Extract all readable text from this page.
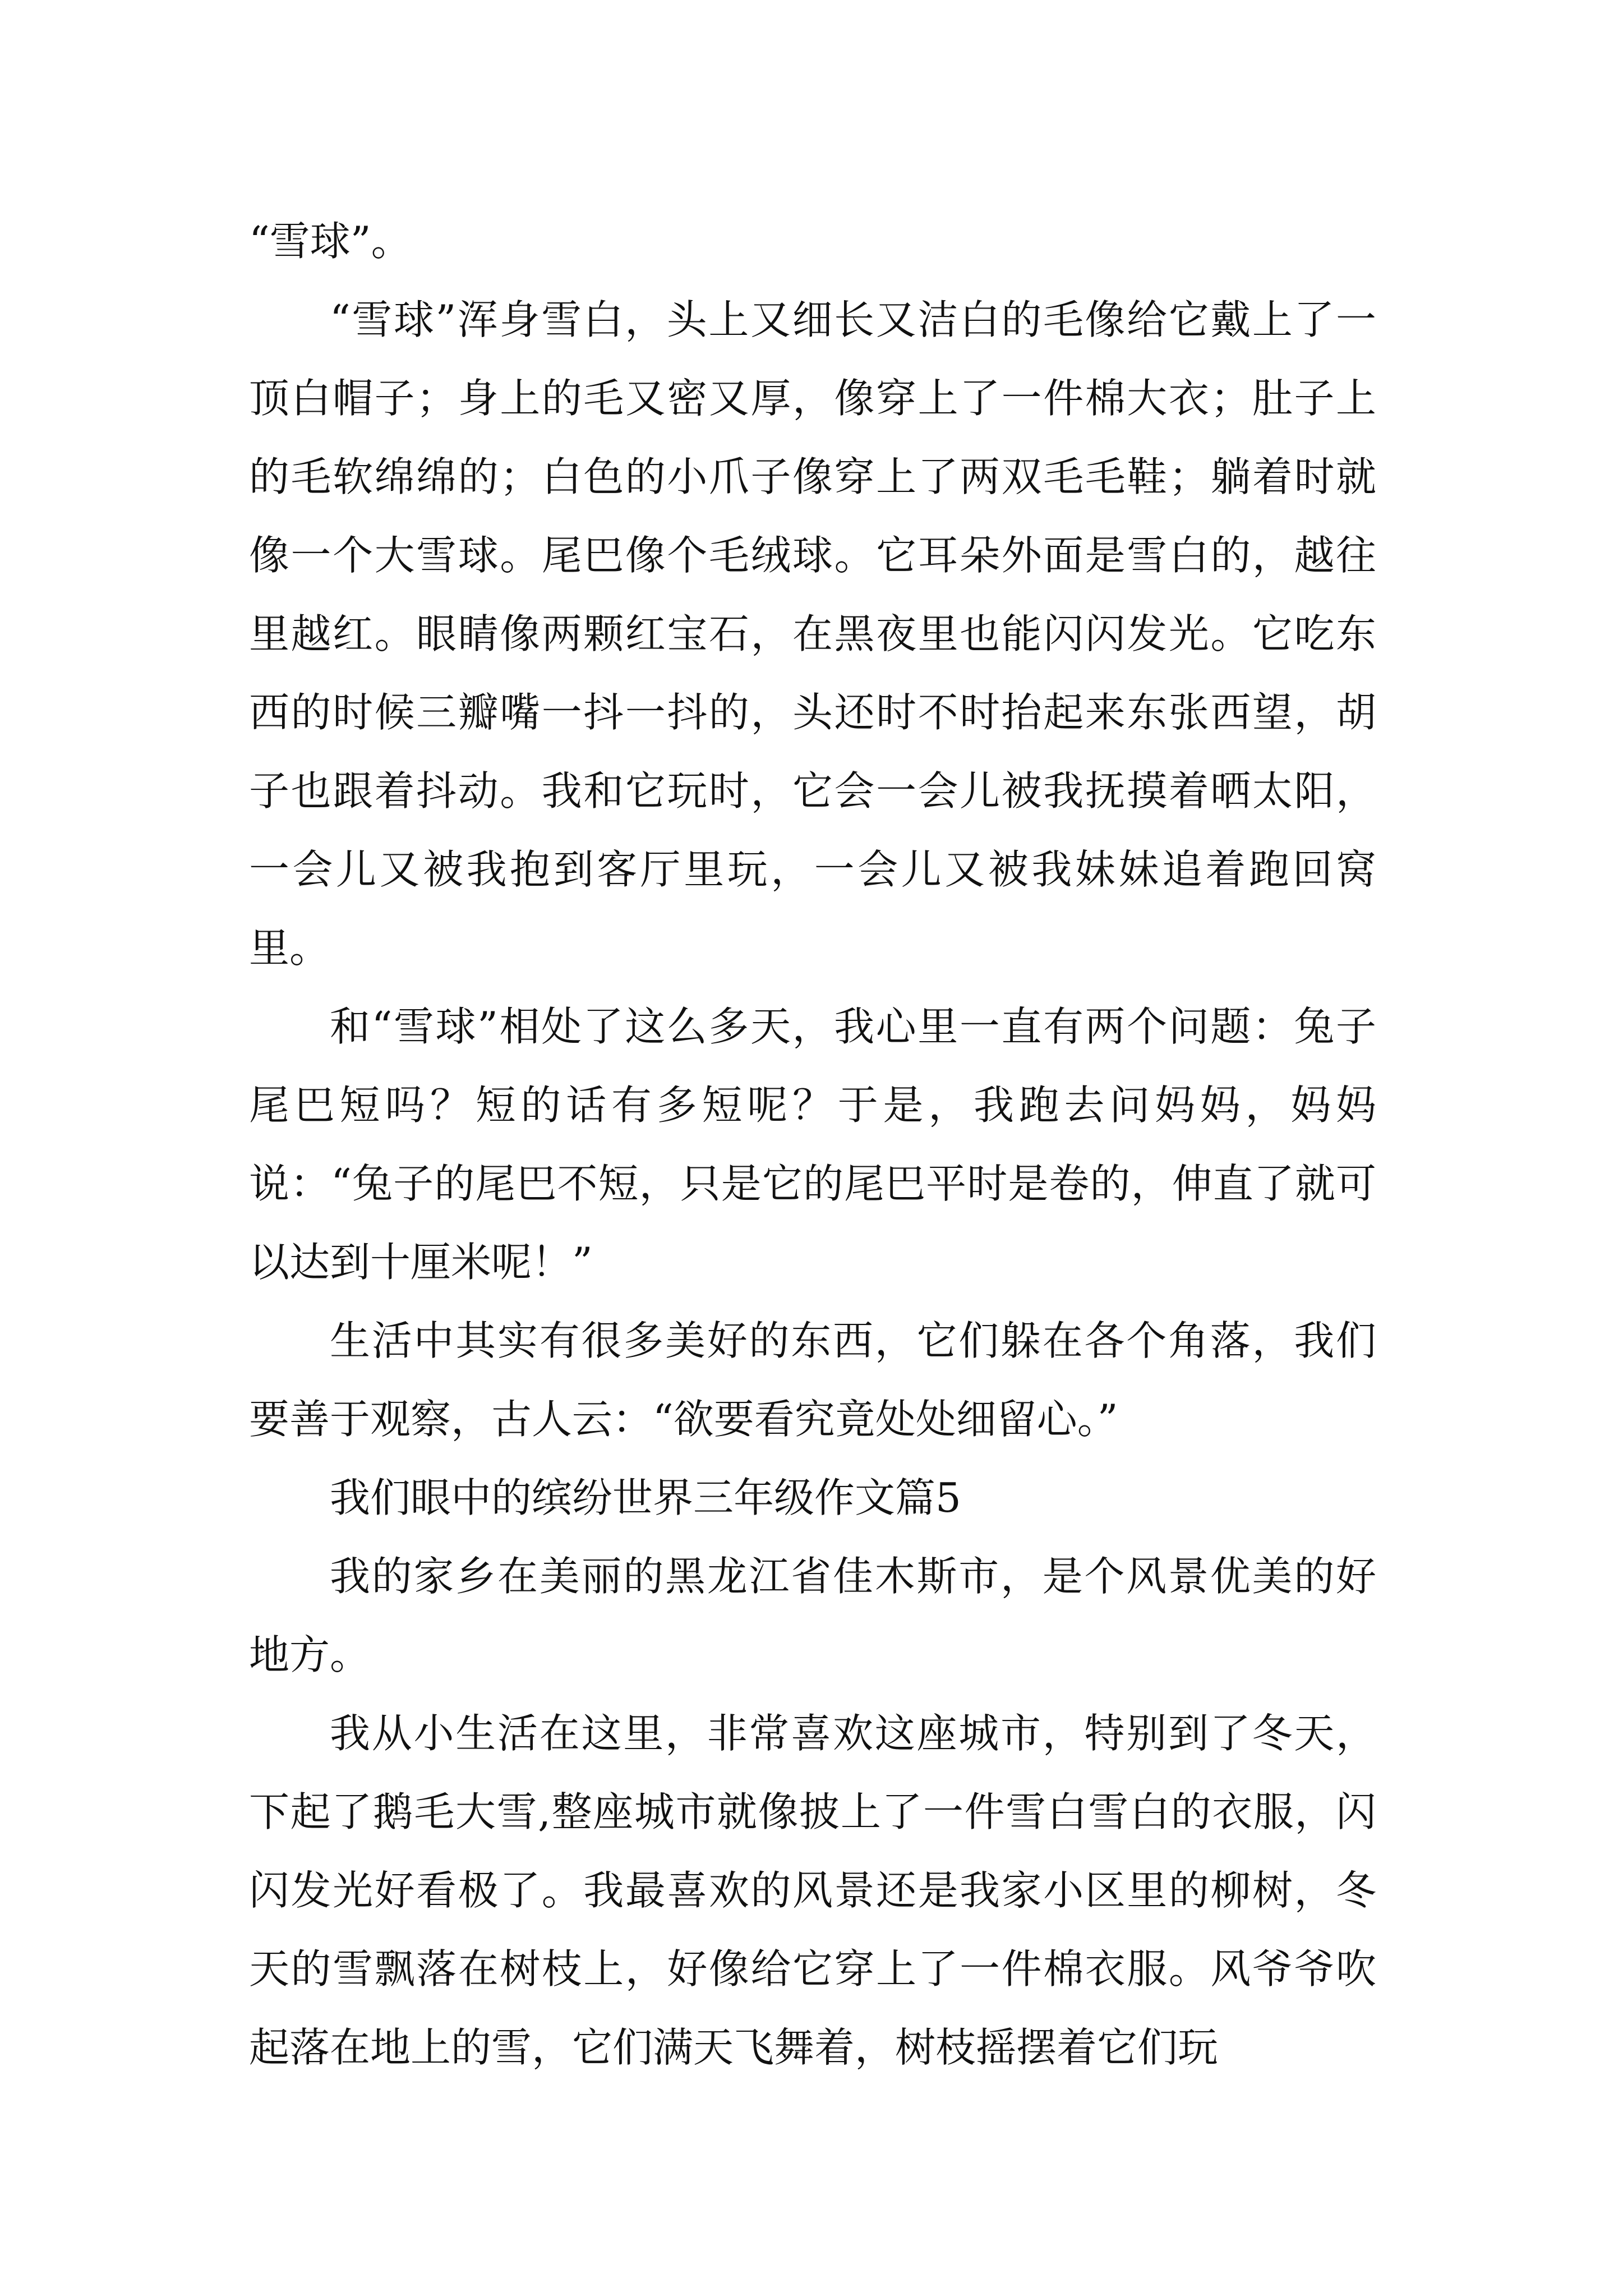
“雪球”。

“雪球”浑身雪白，头上又细长又洁白的毛像给它戴上了一顶白帽子；身上的毛又密又厚，像穿上了一件棉大衣；肚子上的毛软绵绵的；白色的小爪子像穿上了两双毛毛鞋；躺着时就像一个大雪球。尾巴像个毛绒球。它耳朵外面是雪白的，越往里越红。眼睛像两颗红宝石，在黑夜里也能闪闪发光。它吃东西的时候三瓣嘴一抖一抖的，头还时不时抬起来东张西望，胡子也跟着抖动。我和它玩时，它会一会儿被我抚摸着晒太阳，一会儿又被我抱到客厅里玩，一会儿又被我妹妹追着跑回窝里。

和“雪球”相处了这么多天，我心里一直有两个问题：兔子尾巴短吗？短的话有多短呢？于是，我跑去问妈妈，妈妈说：“兔子的尾巴不短，只是它的尾巴平时是卷的，伸直了就可以达到十厘米呢！”

生活中其实有很多美好的东西，它们躲在各个角落，我们要善于观察，古人云：“欲要看究竟处处细留心。”

我们眼中的缤纷世界三年级作文篇5

我的家乡在美丽的黑龙江省佳木斯市，是个风景优美的好地方。

我从小生活在这里，非常喜欢这座城市，特别到了冬天，下起了鹅毛大雪,整座城市就像披上了一件雪白雪白的衣服，闪闪发光好看极了。我最喜欢的风景还是我家小区里的柳树，冬天的雪飘落在树枝上，好像给它穿上了一件棉衣服。风爷爷吹起落在地上的雪，它们满天飞舞着，树枝摇摆着它们玩
